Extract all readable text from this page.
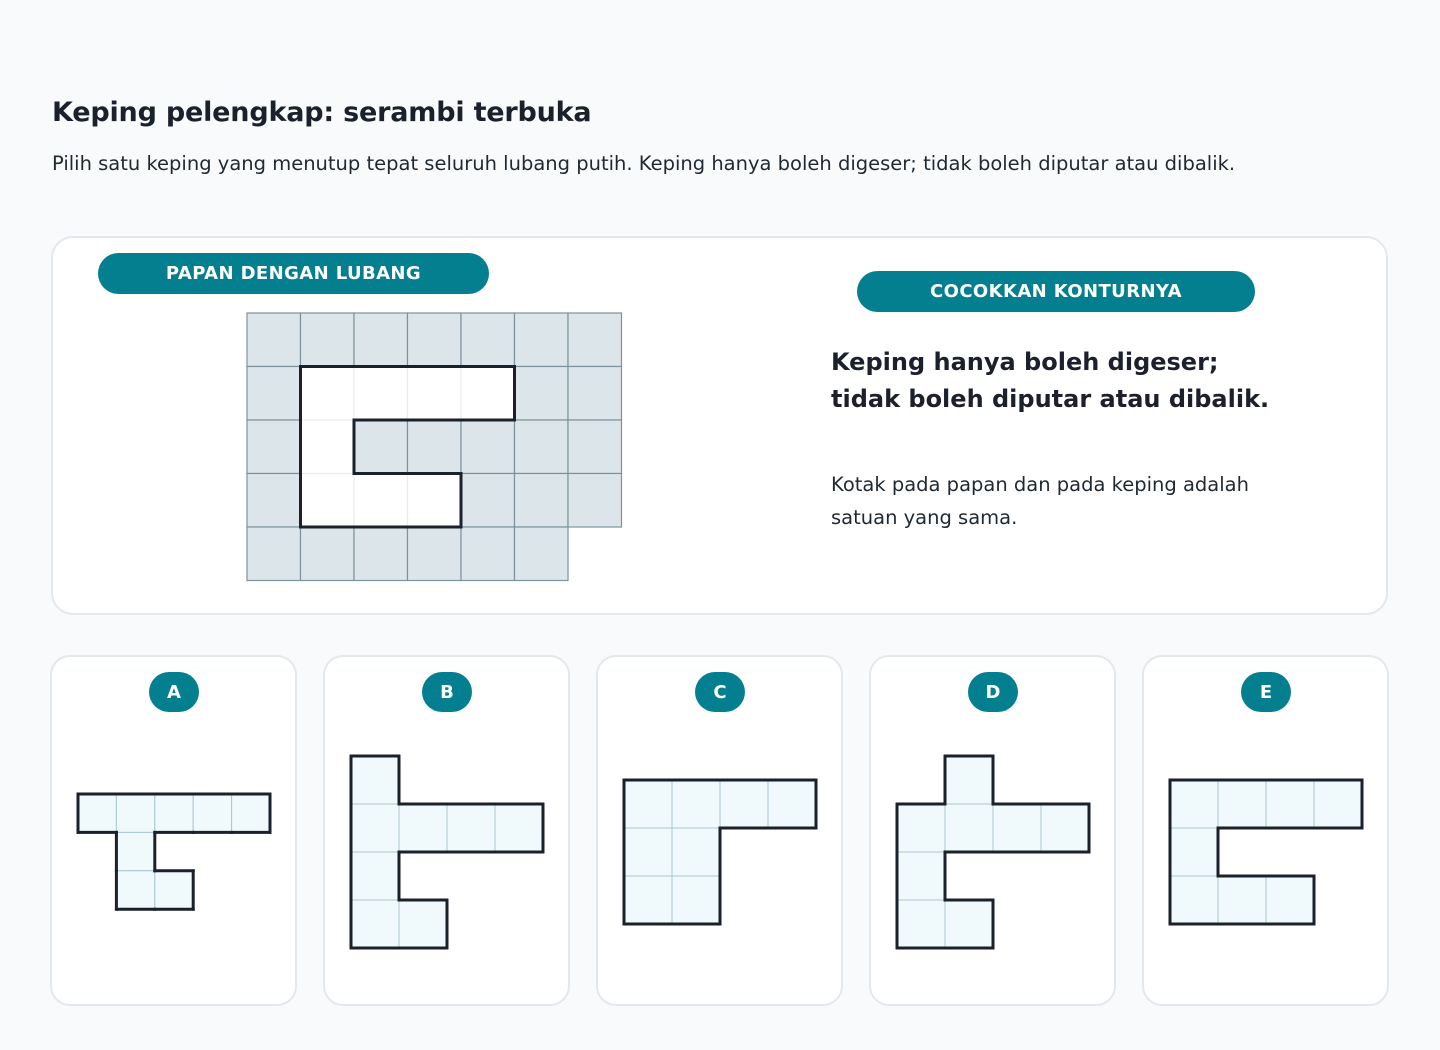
Keping pelengkap: serambi terbuka

Pilih satu keping yang menutup tepat seluruh lubang putih. Keping hanya boleh digeser; tidak boleh diputar atau dibalik.

PAPAN DENGAN LUBANG
COCOKKAN KONTURNYA

Keping hanya boleh digeser; tidak boleh diputar atau dibalik.

Kotak pada papan dan pada keping adalah satuan yang sama.

A	B	C	D	E
